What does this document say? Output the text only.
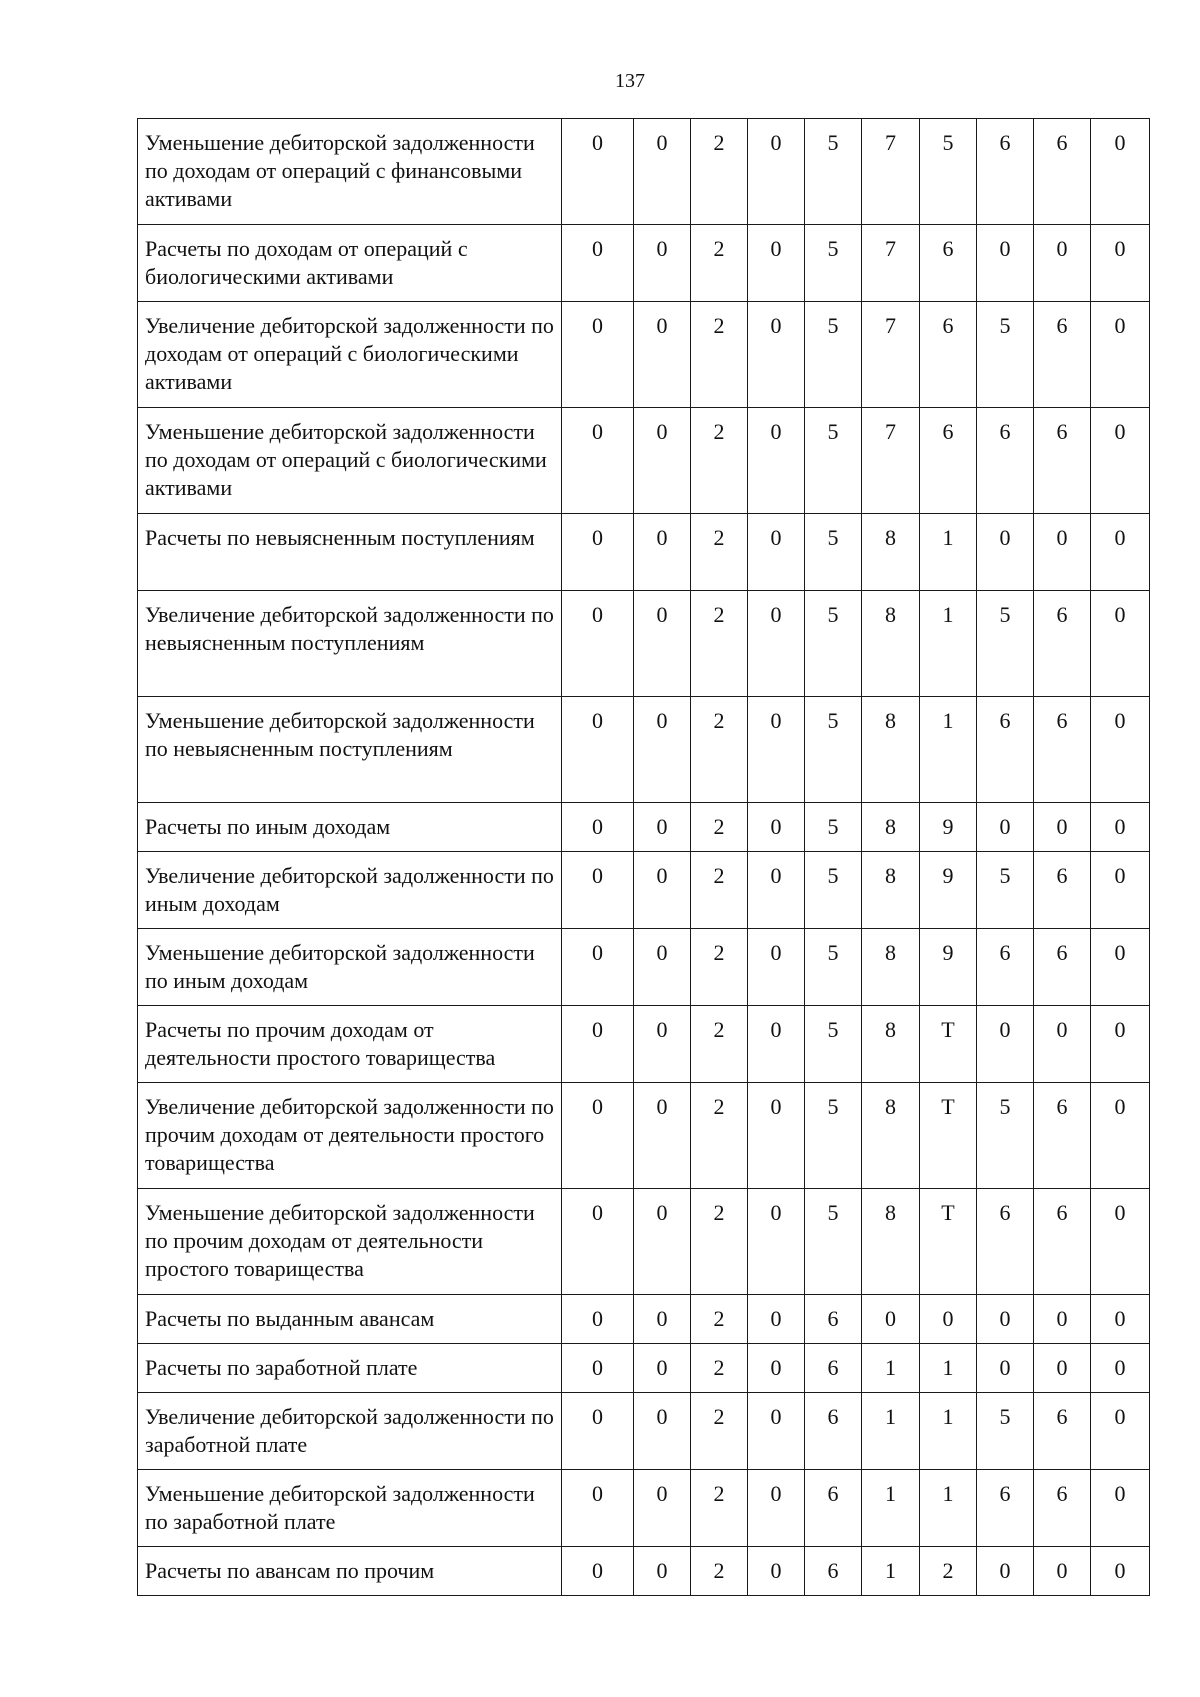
137
Уменьшение дебиторской задолженности по доходам от операций с финансовыми активами	0	0	2	0	5	7	5	6	6	0
Расчеты по доходам от операций с биологическими активами	0	0	2	0	5	7	6	0	0	0
Увеличение дебиторской задолженности по доходам от операций с биологическими активами	0	0	2	0	5	7	6	5	6	0
Уменьшение дебиторской задолженности по доходам от операций с биологическими активами	0	0	2	0	5	7	6	6	6	0
Расчеты по невыясненным поступлениям	0	0	2	0	5	8	1	0	0	0
Увеличение дебиторской задолженности по невыясненным поступлениям	0	0	2	0	5	8	1	5	6	0
Уменьшение дебиторской задолженности по невыясненным поступлениям	0	0	2	0	5	8	1	6	6	0
Расчеты по иным доходам	0	0	2	0	5	8	9	0	0	0
Увеличение дебиторской задолженности по иным доходам	0	0	2	0	5	8	9	5	6	0
Уменьшение дебиторской задолженности по иным доходам	0	0	2	0	5	8	9	6	6	0
Расчеты по прочим доходам от деятельности простого товарищества	0	0	2	0	5	8	Т	0	0	0
Увеличение дебиторской задолженности по прочим доходам от деятельности простого товарищества	0	0	2	0	5	8	Т	5	6	0
Уменьшение дебиторской задолженности по прочим доходам от деятельности простого товарищества	0	0	2	0	5	8	Т	6	6	0
Расчеты по выданным авансам	0	0	2	0	6	0	0	0	0	0
Расчеты по заработной плате	0	0	2	0	6	1	1	0	0	0
Увеличение дебиторской задолженности по заработной плате	0	0	2	0	6	1	1	5	6	0
Уменьшение дебиторской задолженности по заработной плате	0	0	2	0	6	1	1	6	6	0
Расчеты по авансам по прочим	0	0	2	0	6	1	2	0	0	0
